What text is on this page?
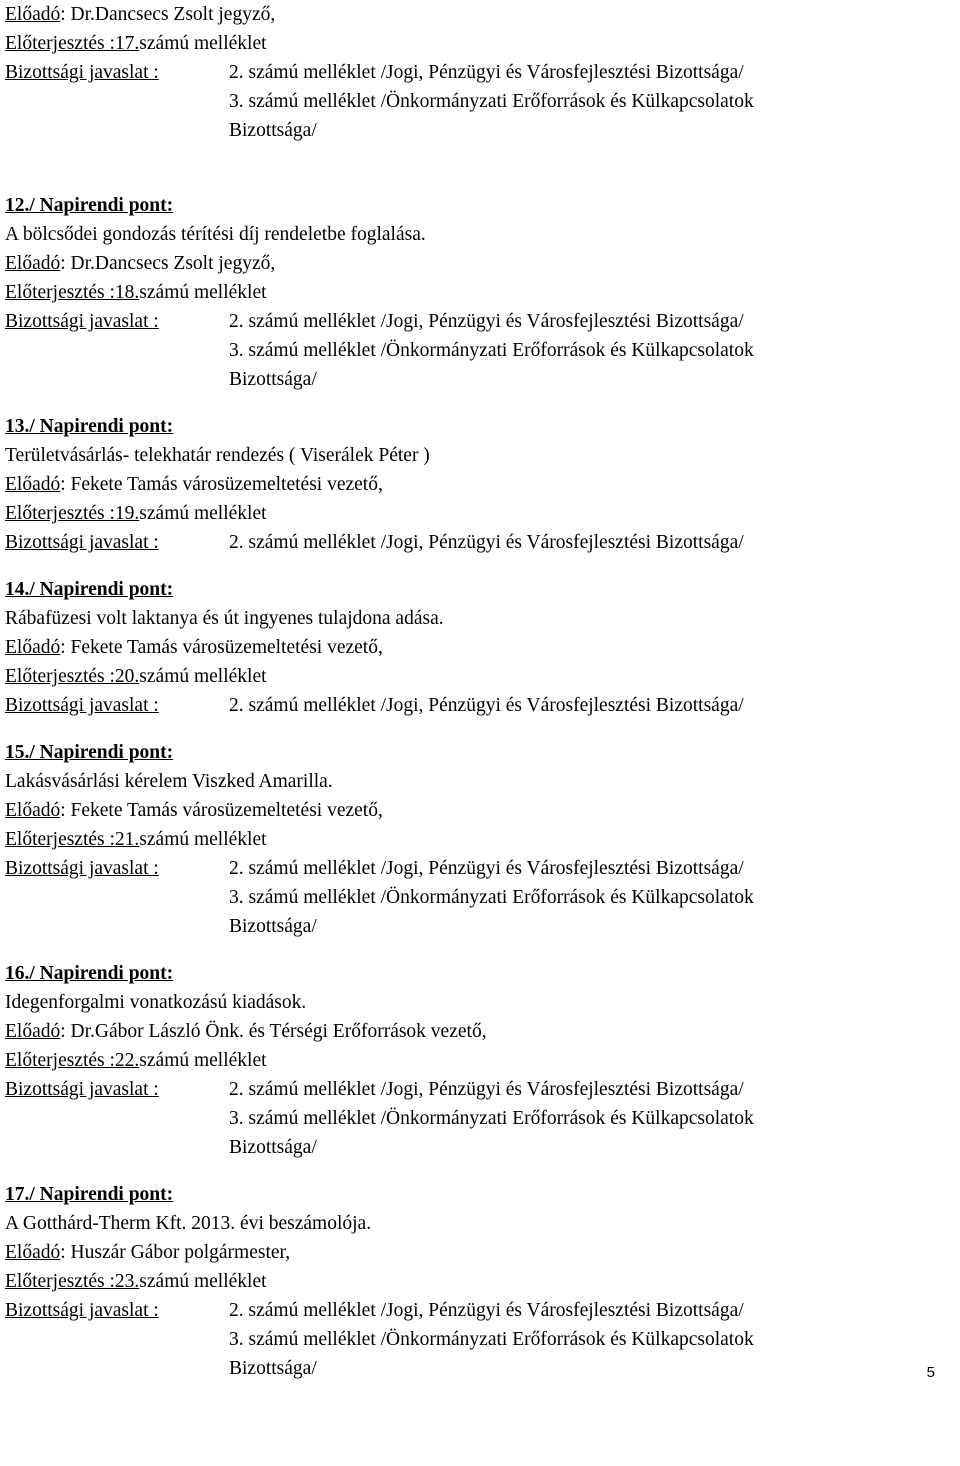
Előadó: Dr.Dancsecs Zsolt jegyző,
Előterjesztés :17.számú melléklet
Bizottsági javaslat :	2. számú melléklet /Jogi, Pénzügyi és Városfejlesztési Bizottsága/
3. számú melléklet /Önkormányzati Erőforrások és Külkapcsolatok
Bizottsága/
12./ Napirendi pont:
A bölcsődei gondozás térítési díj rendeletbe foglalása.
Előadó: Dr.Dancsecs Zsolt jegyző,
Előterjesztés :18.számú melléklet
Bizottsági javaslat :	2. számú melléklet /Jogi, Pénzügyi és Városfejlesztési Bizottsága/
3. számú melléklet /Önkormányzati Erőforrások és Külkapcsolatok
Bizottsága/
13./ Napirendi pont:
Területvásárlás- telekhatár rendezés ( Viserálek Péter )
Előadó: Fekete Tamás városüzemeltetési vezető,
Előterjesztés :19.számú melléklet
Bizottsági javaslat :	2. számú melléklet /Jogi, Pénzügyi és Városfejlesztési Bizottsága/
14./ Napirendi pont:
Rábafüzesi volt laktanya és út ingyenes tulajdona adása.
Előadó: Fekete Tamás városüzemeltetési vezető,
Előterjesztés :20.számú melléklet
Bizottsági javaslat :	2. számú melléklet /Jogi, Pénzügyi és Városfejlesztési Bizottsága/
15./ Napirendi pont:
Lakásvásárlási kérelem Viszked Amarilla.
Előadó: Fekete Tamás városüzemeltetési vezető,
Előterjesztés :21.számú melléklet
Bizottsági javaslat :	2. számú melléklet /Jogi, Pénzügyi és Városfejlesztési Bizottsága/
3. számú melléklet /Önkormányzati Erőforrások és Külkapcsolatok
Bizottsága/
16./ Napirendi pont:
Idegenforgalmi vonatkozású kiadások.
Előadó: Dr.Gábor László Önk. és Térségi Erőforrások vezető,
Előterjesztés :22.számú melléklet
Bizottsági javaslat :	2. számú melléklet /Jogi, Pénzügyi és Városfejlesztési Bizottsága/
3. számú melléklet /Önkormányzati Erőforrások és Külkapcsolatok
Bizottsága/
17./ Napirendi pont:
A Gotthárd-Therm Kft. 2013. évi beszámolója.
Előadó: Huszár Gábor polgármester,
Előterjesztés :23.számú melléklet
Bizottsági javaslat :	2. számú melléklet /Jogi, Pénzügyi és Városfejlesztési Bizottsága/
3. számú melléklet /Önkormányzati Erőforrások és Külkapcsolatok
Bizottsága/	5
